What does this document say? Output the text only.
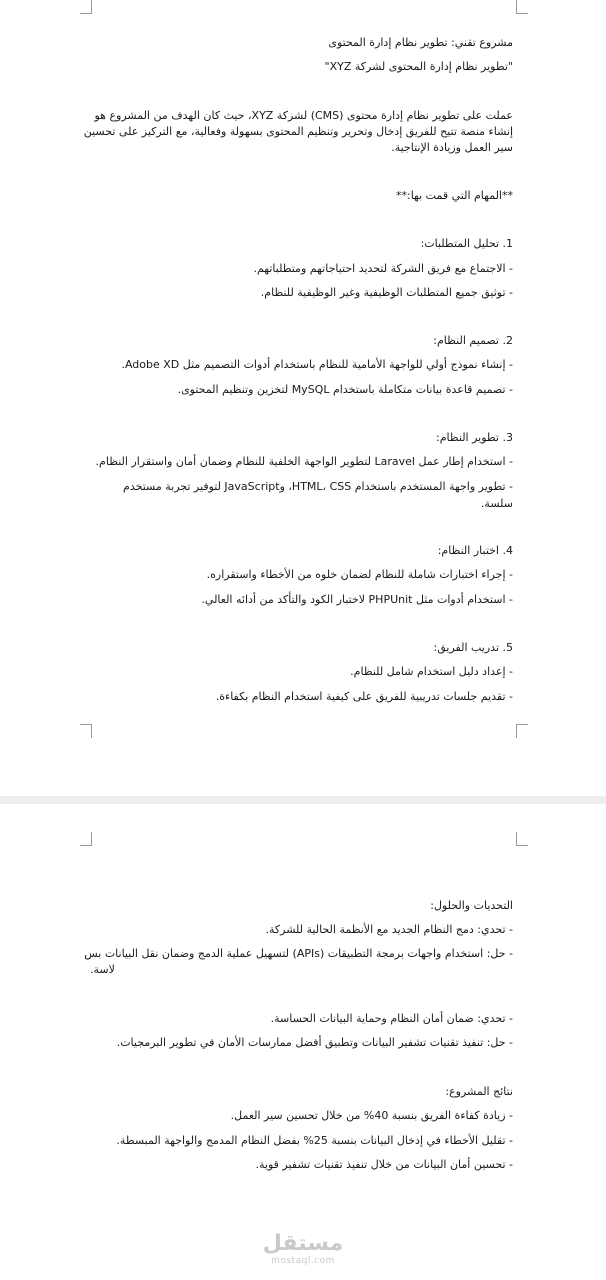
مشروع تقني: تطوير نظام إدارة المحتوى
"تطوير نظام إدارة المحتوى لشركة XYZ"
عملت على تطوير نظام إدارة محتوى (CMS) لشركة XYZ، حيث كان الهدف من المشروع هو
إنشاء منصة تتيح للفريق إدخال وتحرير وتنظيم المحتوى بسهولة وفعالية، مع التركيز على تحسين
سير العمل وزيادة الإنتاجية.
**المهام التي قمت بها:**
1. تحليل المتطلبات:
- الاجتماع مع فريق الشركة لتحديد احتياجاتهم ومتطلباتهم.
- توثيق جميع المتطلبات الوظيفية وغير الوظيفية للنظام.
2. تصميم النظام:
- إنشاء نموذج أولي للواجهة الأمامية للنظام باستخدام أدوات التصميم مثل Adobe XD.
- تصميم قاعدة بيانات متكاملة باستخدام MySQL لتخزين وتنظيم المحتوى.
3. تطوير النظام:
- استخدام إطار عمل Laravel لتطوير الواجهة الخلفية للنظام وضمان أمان واستقرار النظام.
- تطوير واجهة المستخدم باستخدام HTML، CSS، وJavaScript لتوفير تجربة مستخدم
سلسة.
4. اختبار النظام:
- إجراء اختبارات شاملة للنظام لضمان خلوه من الأخطاء واستقراره.
- استخدام أدوات مثل PHPUnit لاختبار الكود والتأكد من أدائه العالي.
5. تدريب الفريق:
- إعداد دليل استخدام شامل للنظام.
- تقديم جلسات تدريبية للفريق على كيفية استخدام النظام بكفاءة.
التحديات والحلول:
- تحدي: دمج النظام الجديد مع الأنظمة الحالية للشركة.
- حل: استخدام واجهات برمجة التطبيقات (APIs) لتسهيل عملية الدمج وضمان نقل البيانات بس
لاسة.
- تحدي: ضمان أمان النظام وحماية البيانات الحساسة.
- حل: تنفيذ تقنيات تشفير البيانات وتطبيق أفضل ممارسات الأمان في تطوير البرمجيات.
نتائج المشروع:
- زيادة كفاءة الفريق بنسبة 40% من خلال تحسين سير العمل.
- تقليل الأخطاء في إدخال البيانات بنسبة 25% بفضل النظام المدمج والواجهة المبسطة.
- تحسين أمان البيانات من خلال تنفيذ تقنيات تشفير قوية.
مستقل
mostaql.com
